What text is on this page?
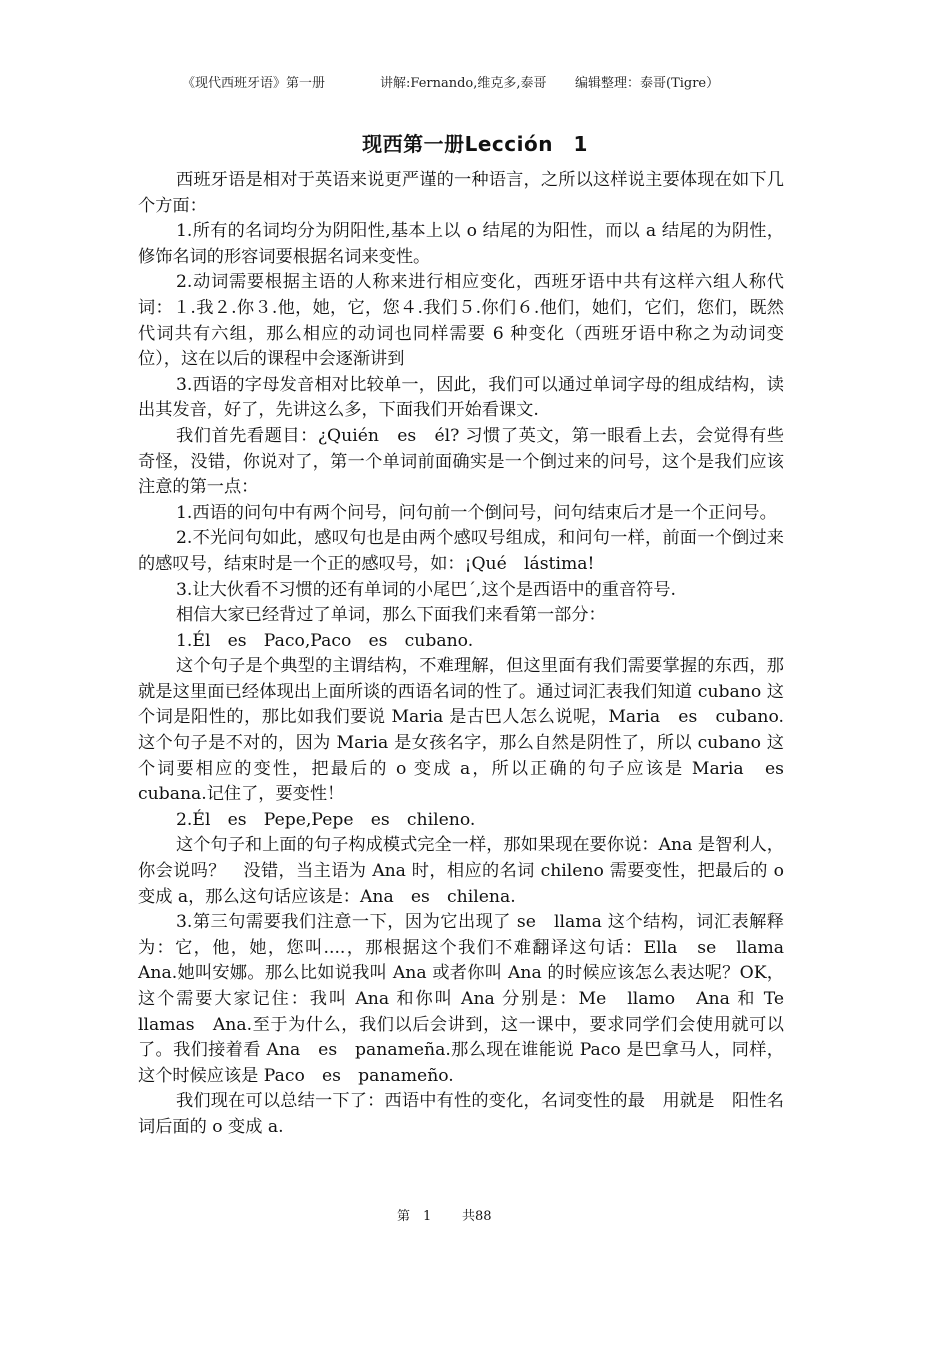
《现代西班牙语》第一册	讲解:Fernando,维克多,泰哥 编辑整理：泰哥(Tigre）
现西第一册Lección　1

西班牙语是相对于英语来说更严谨的一种语言，之所以这样说主要体现在如下几个方面：

1.所有的名词均分为阴阳性,基本上以 o 结尾的为阳性，而以 a 结尾的为阴性，修饰名词的形容词要根据名词来变性。

2.动词需要根据主语的人称来进行相应变化，西班牙语中共有这样六组人称代词：１.我２.你３.他，她，它，您４.我们５.你们６.他们，她们，它们，您们，既然代词共有六组，那么相应的动词也同样需要 6 种变化（西班牙语中称之为动词变位），这在以后的课程中会逐渐讲到

3.西语的字母发音相对比较单一，因此，我们可以通过单词字母的组成结构，读出其发音，好了，先讲这么多，下面我们开始看课文.

我们首先看题目：¿Quién　es　él? 习惯了英文，第一眼看上去，会觉得有些奇怪，没错，你说对了，第一个单词前面确实是一个倒过来的问号，这个是我们应该注意的第一点：

1.西语的问句中有两个问号，问句前一个倒问号，问句结束后才是一个正问号。

2.不光问句如此，感叹句也是由两个感叹号组成，和问句一样，前面一个倒过来的感叹号，结束时是一个正的感叹号，如：¡Qué　lástima!

3.让大伙看不习惯的还有单词的小尾巴´,这个是西语中的重音符号.

相信大家已经背过了单词，那么下面我们来看第一部分：

1.Él　es　Paco,Paco　es　cubano.

这个句子是个典型的主谓结构，不难理解，但这里面有我们需要掌握的东西，那就是这里面已经体现出上面所谈的西语名词的性了。通过词汇表我们知道 cubano 这个词是阳性的，那比如我们要说 Maria 是古巴人怎么说呢，Maria　es　cubano.这个句子是不对的，因为 Maria 是女孩名字，那么自然是阴性了，所以 cubano 这个词要相应的变性，把最后的 o 变成 a，所以正确的句子应该是 Maria　es　cubana.记住了，要变性！

2.Él　es　Pepe,Pepe　es　chileno.

这个句子和上面的句子构成模式完全一样，那如果现在要你说：Ana 是智利人，你会说吗？　没错，当主语为 Ana 时，相应的名词 chileno 需要变性，把最后的 o 变成 a，那么这句话应该是：Ana　es　chilena.

3.第三句需要我们注意一下，因为它出现了 se　llama 这个结构，词汇表解释为：它，他，她，您叫....，那根据这个我们不难翻译这句话：Ella　se　llama　Ana.她叫安娜。那么比如说我叫 Ana 或者你叫 Ana 的时候应该怎么表达呢？OK，这个需要大家记住：我叫 Ana 和你叫 Ana 分别是：Me　llamo　Ana 和 Te　llamas　Ana.至于为什么，我们以后会讲到，这一课中，要求同学们会使用就可以了。我们接着看 Ana　es　panameña.那么现在谁能说 Paco 是巴拿马人，同样，这个时候应该是 Paco　es　panameño.

我们现在可以总结一下了：西语中有性的变化，名词变性的最　用就是　阳性名词后面的 o 变成 a.

第　1 共88
